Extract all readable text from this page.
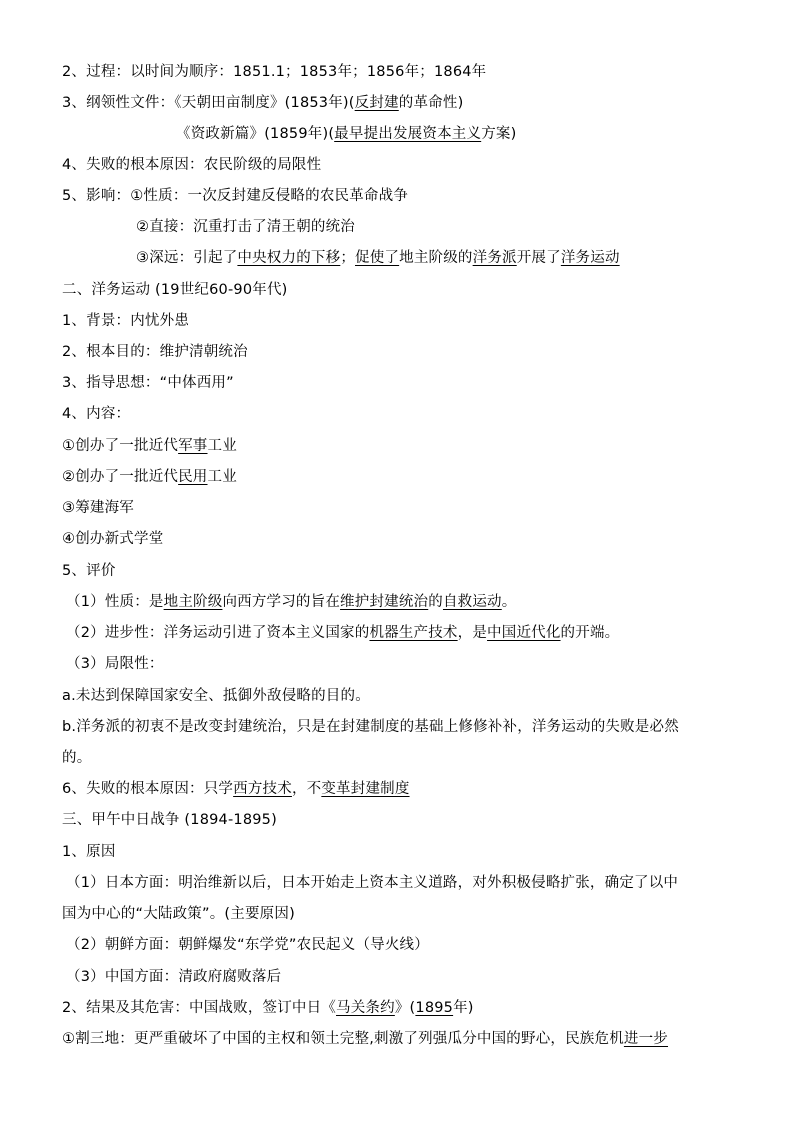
2、过程：以时间为顺序：1851.1；1853年；1856年；1864年
3、纲领性文件：《天朝田亩制度》(1853年)(反封建的革命性)
《资政新篇》(1859年)(最早提出发展资本主义方案)
4、失败的根本原因：农民阶级的局限性
5、影响：①性质：一次反封建反侵略的农民革命战争
②直接：沉重打击了清王朝的统治
③深远：引起了中央权力的下移；促使了地主阶级的洋务派开展了洋务运动
二、洋务运动 (19世纪60-90年代)
1、背景：内忧外患
2、根本目的：维护清朝统治
3、指导思想：“中体西用”
4、内容：
①创办了一批近代军事工业
②创办了一批近代民用工业
③筹建海军
④创办新式学堂
5、评价
（1）性质：是地主阶级向西方学习的旨在维护封建统治的自救运动。
（2）进步性：洋务运动引进了资本主义国家的机器生产技术，是中国近代化的开端。
（3）局限性：
a.未达到保障国家安全、抵御外敌侵略的目的。
b.洋务派的初衷不是改变封建统治，只是在封建制度的基础上修修补补，洋务运动的失败是必然
的。
6、失败的根本原因：只学西方技术，不变革封建制度
三、甲午中日战争 (1894-1895)
1、原因
（1）日本方面：明治维新以后，日本开始走上资本主义道路，对外积极侵略扩张，确定了以中
国为中心的“大陆政策”。(主要原因)
（2）朝鲜方面：朝鲜爆发“东学党”农民起义（导火线）
（3）中国方面：清政府腐败落后
2、结果及其危害：中国战败，签订中日《马关条约》(1895年)
①割三地：更严重破坏了中国的主权和领土完整,刺激了列强瓜分中国的野心，民族危机进一步
